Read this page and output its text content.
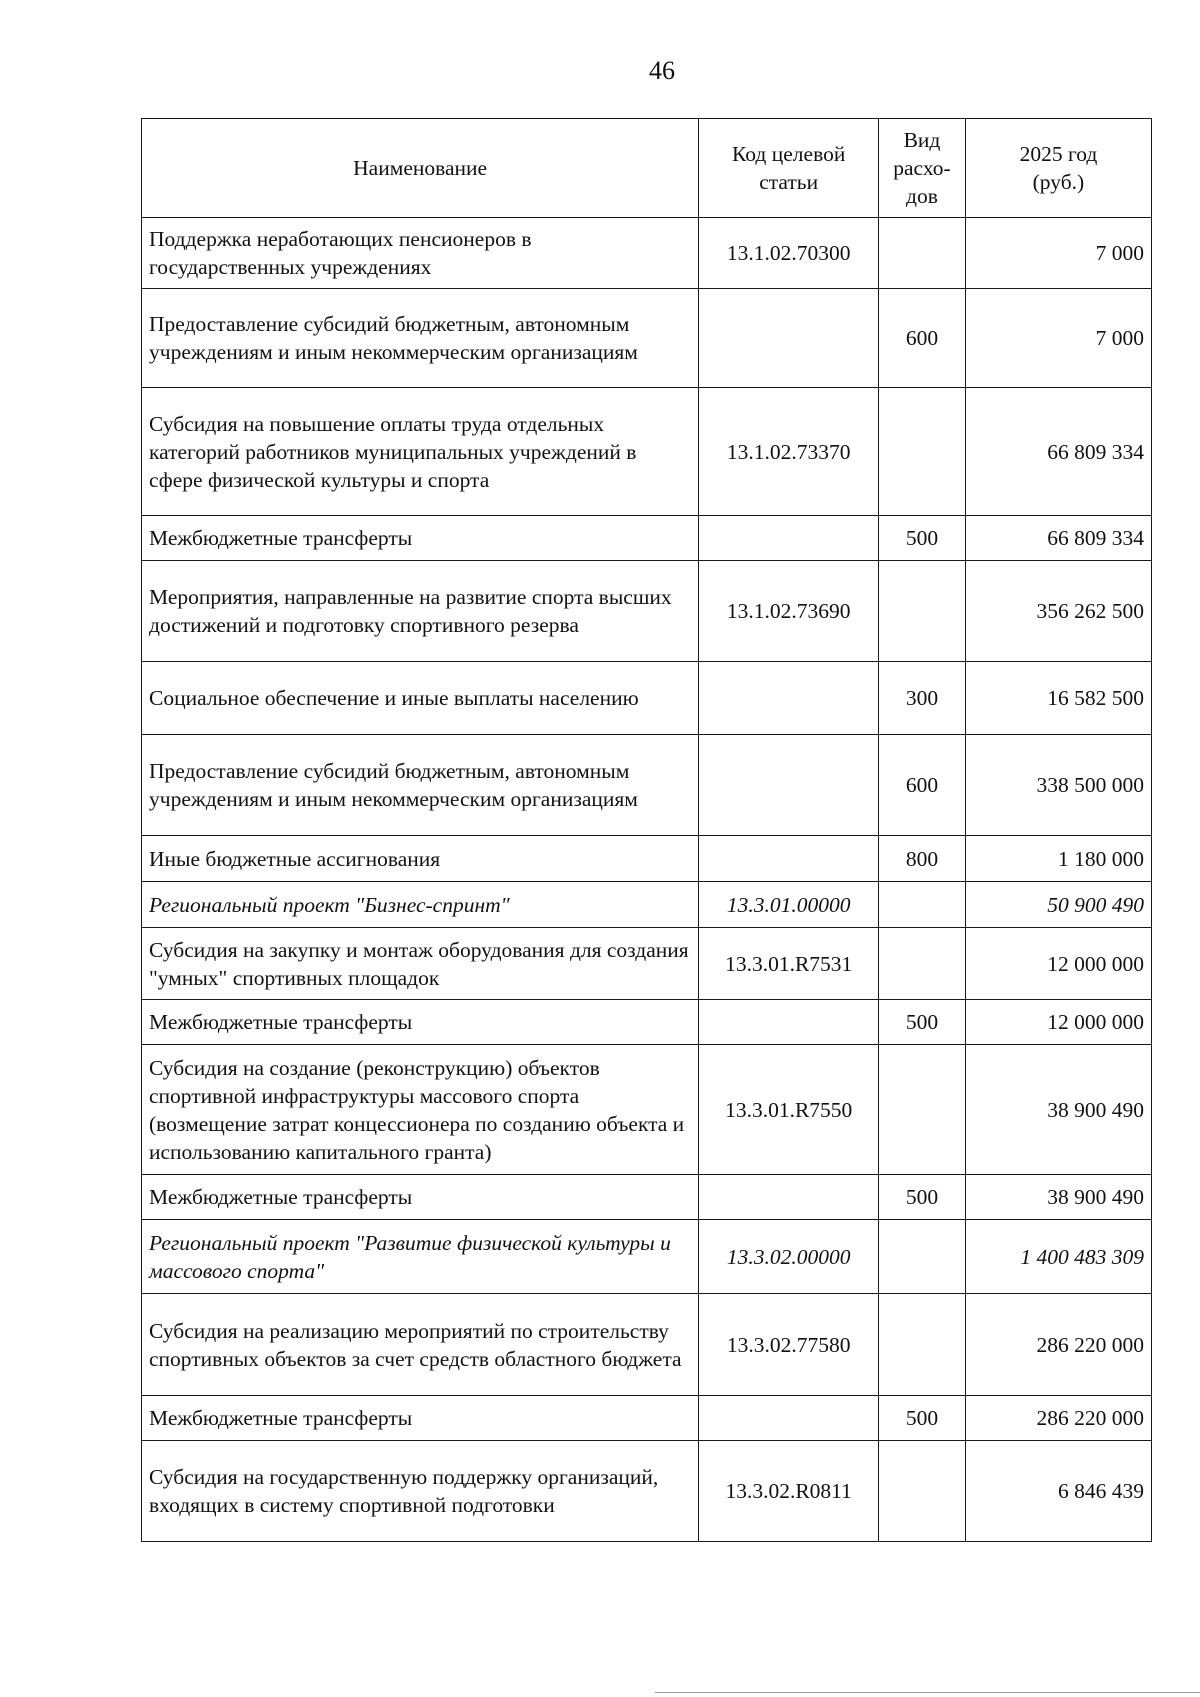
46
Наименование	Код целевой статьи	Вид расхо-дов	2025 год (руб.)
Поддержка неработающих пенсионеров в государственных учреждениях	13.1.02.70300		7 000
Предоставление субсидий бюджетным, автономным учреждениям и иным некоммерческим организациям		600	7 000
Субсидия на повышение оплаты труда отдельных категорий работников муниципальных учреждений в сфере физической культуры и спорта	13.1.02.73370		66 809 334
Межбюджетные трансферты		500	66 809 334
Мероприятия, направленные на развитие спорта высших достижений и подготовку спортивного резерва	13.1.02.73690		356 262 500
Социальное обеспечение и иные выплаты населению		300	16 582 500
Предоставление субсидий бюджетным, автономным учреждениям и иным некоммерческим организациям		600	338 500 000
Иные бюджетные ассигнования		800	1 180 000
Региональный проект "Бизнес-спринт"	13.3.01.00000		50 900 490
Субсидия на закупку и монтаж оборудования для создания "умных" спортивных площадок	13.3.01.R7531		12 000 000
Межбюджетные трансферты		500	12 000 000
Субсидия на создание (реконструкцию) объектов спортивной инфраструктуры массового спорта (возмещение затрат концессионера по созданию объекта и использованию капитального гранта)	13.3.01.R7550		38 900 490
Межбюджетные трансферты		500	38 900 490
Региональный проект "Развитие физической культуры и массового спорта"	13.3.02.00000		1 400 483 309
Субсидия на реализацию мероприятий по строительству спортивных объектов за счет средств областного бюджета	13.3.02.77580		286 220 000
Межбюджетные трансферты		500	286 220 000
Субсидия на государственную поддержку организаций, входящих в систему спортивной подготовки	13.3.02.R0811		6 846 439
